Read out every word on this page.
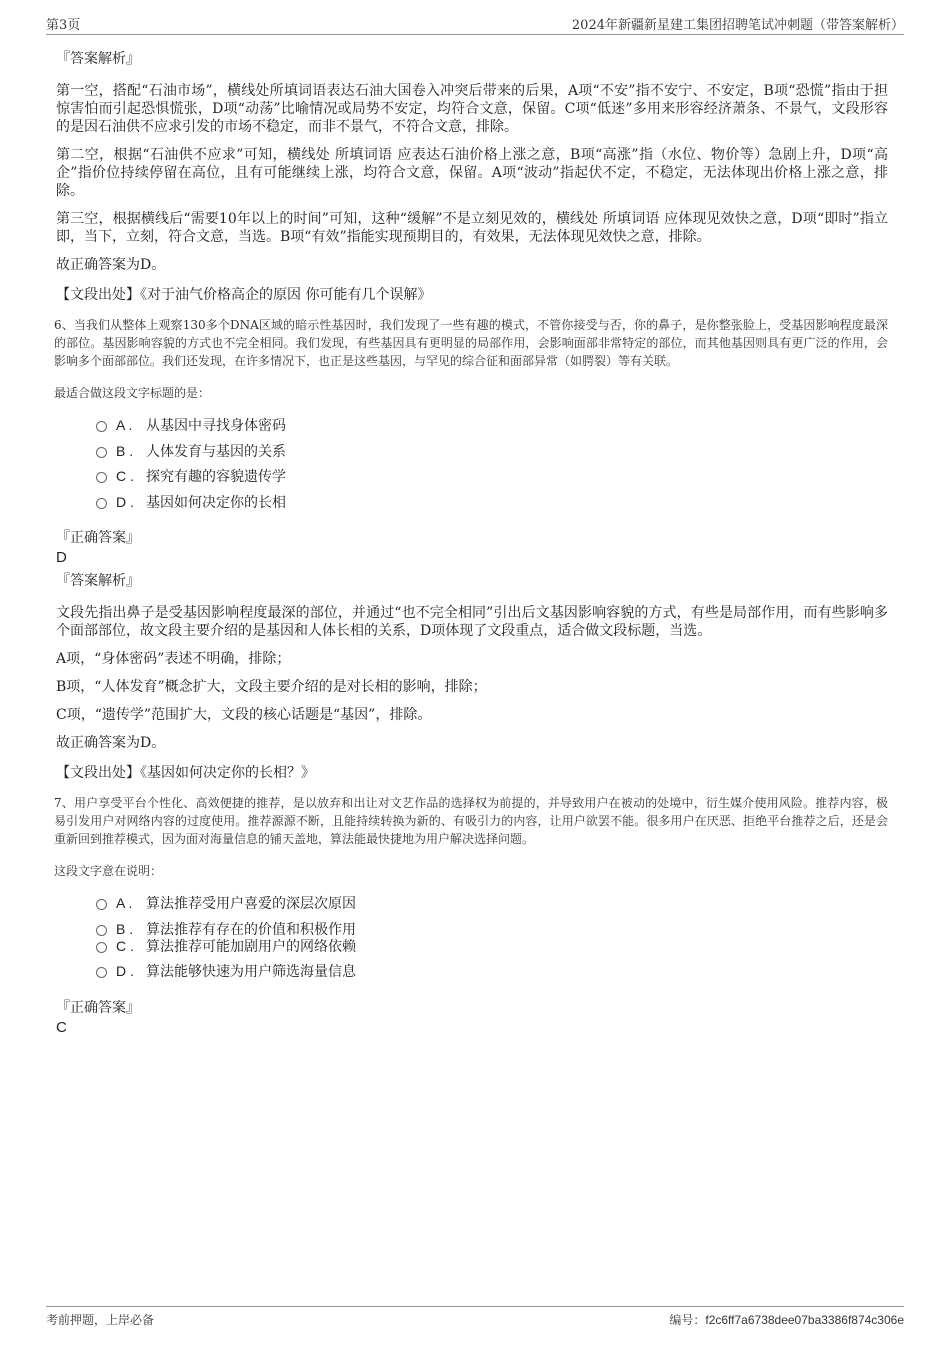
第3页	2024年新疆新星建工集团招聘笔试冲刺题（带答案解析）
『答案解析』

第一空，搭配“石油市场”，横线处所填词语表达石油大国卷入冲突后带来的后果，A项“不安”指不安宁、不安定，B项“恐慌”指由于担惊害怕而引起恐惧慌张，D项“动荡”比喻情况或局势不安定，均符合文意，保留。C项“低迷”多用来形容经济萧条、不景气，文段形容的是因石油供不应求引发的市场不稳定，而非不景气，不符合文意，排除。

第二空，根据“石油供不应求”可知，横线处 所填词语 应表达石油价格上涨之意，B项“高涨”指（水位、物价等）急剧上升，D项“高企”指价位持续停留在高位，且有可能继续上涨，均符合文意，保留。A项“波动”指起伏不定，不稳定，无法体现出价格上涨之意，排除。

第三空，根据横线后“需要10年以上的时间”可知，这种“缓解”不是立刻见效的，横线处 所填词语 应体现见效快之意，D项“即时”指立即，当下，立刻，符合文意，当选。B项“有效”指能实现预期目的，有效果，无法体现见效快之意，排除。

故正确答案为D。

【文段出处】《对于油气价格高企的原因 你可能有几个误解》
6、当我们从整体上观察130多个DNA区域的暗示性基因时，我们发现了一些有趣的模式，不管你接受与否，你的鼻子，是你整张脸上，受基因影响程度最深的部位。基因影响容貌的方式也不完全相同。我们发现，有些基因具有更明显的局部作用，会影响面部非常特定的部位，而其他基因则具有更广泛的作用，会影响多个面部部位。我们还发现，在许多情况下，也正是这些基因，与罕见的综合征和面部异常（如腭裂）等有关联。
最适合做这段文字标题的是：
A . 从基因中寻找身体密码
B . 人体发育与基因的关系
C . 探究有趣的容貌遗传学
D . 基因如何决定你的长相
『正确答案』
D
『答案解析』

文段先指出鼻子是受基因影响程度最深的部位，并通过“也不完全相同”引出后文基因影响容貌的方式，有些是局部作用，而有些影响多个面部部位，故文段主要介绍的是基因和人体长相的关系，D项体现了文段重点，适合做文段标题，当选。

A项，“身体密码”表述不明确，排除；

B项，“人体发育”概念扩大，文段主要介绍的是对长相的影响，排除；

C项，“遗传学”范围扩大，文段的核心话题是“基因”，排除。

故正确答案为D。

【文段出处】《基因如何决定你的长相？》
7、用户享受平台个性化、高效便捷的推荐，是以放弃和出让对文艺作品的选择权为前提的，并导致用户在被动的处境中，衍生媒介使用风险。推荐内容，极易引发用户对网络内容的过度使用。推荐源源不断，且能持续转换为新的、有吸引力的内容，让用户欲罢不能。很多用户在厌恶、拒绝平台推荐之后，还是会重新回到推荐模式，因为面对海量信息的铺天盖地，算法能最快捷地为用户解决选择问题。
这段文字意在说明：
A . 算法推荐受用户喜爱的深层次原因
B . 算法推荐有存在的价值和积极作用
C . 算法推荐可能加剧用户的网络依赖
D . 算法能够快速为用户筛选海量信息
『正确答案』
C
考前押题，上岸必备	编号：f2c6ff7a6738dee07ba3386f874c306e
